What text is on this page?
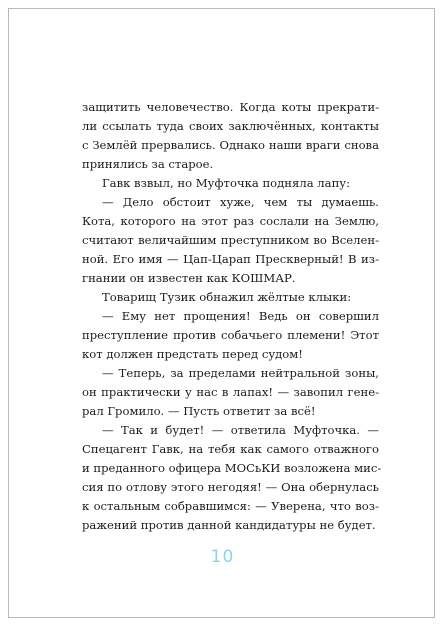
защитить человечество. Когда коты прекрати-
ли ссылать туда своих заключённых, контакты
с Землёй прервались. Однако наши враги снова
принялись за старое.
Гавк взвыл, но Муфточка подняла лапу:
— Дело обстоит хуже, чем ты думаешь.
Кота, которого на этот раз сослали на Землю,
считают величайшим преступником во Вселен-
ной. Его имя — Цап-Царап Прескверный! В из-
гнании он известен как КОШМАР.
Товарищ Тузик обнажил жёлтые клыки:
— Ему нет прощения! Ведь он совершил
преступление против собачьего племени! Этот
кот должен предстать перед судом!
— Теперь, за пределами нейтральной зоны,
он практически у нас в лапах! — завопил гене-
рал Громило. — Пусть ответит за всё!
— Так и будет! — ответила Муфточка. —
Спецагент Гавк, на тебя как самого отважного
и преданного офицера МОСьКИ возложена мис-
сия по отлову этого негодяя! — Она обернулась
к остальным собравшимся: — Уверена, что воз-
ражений против данной кандидатуры не будет.
10
